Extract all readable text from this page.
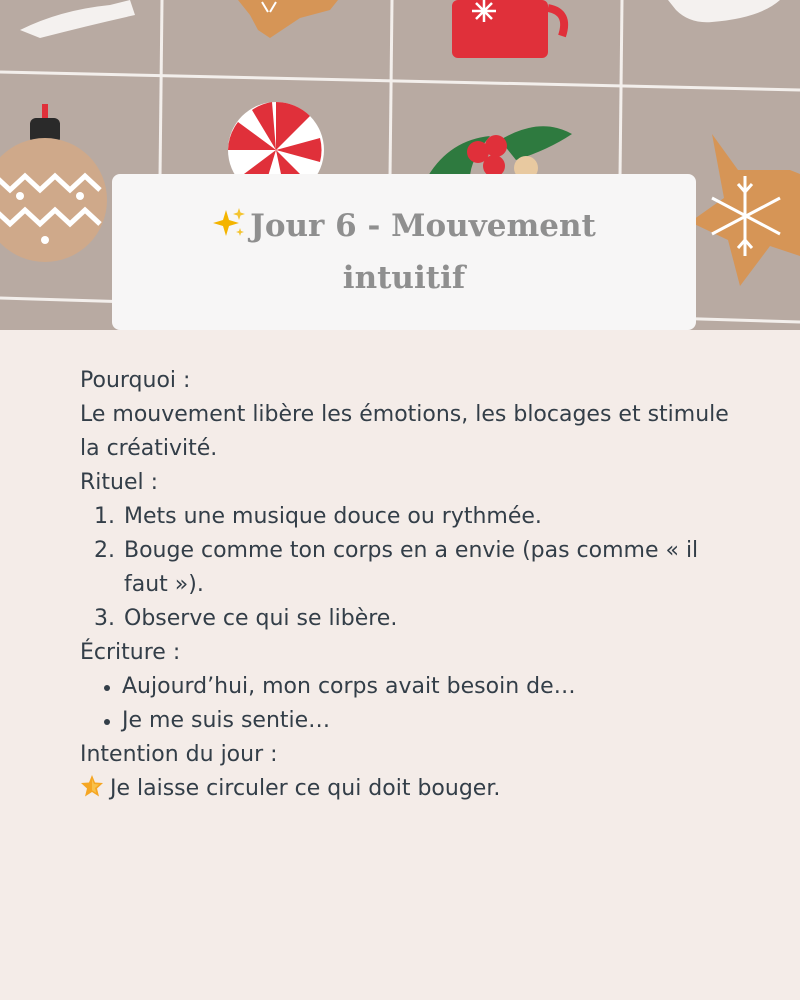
Jour 6 - Mouvement intuitif

Pourquoi :

Le mouvement libère les émotions, les blocages et stimule la créativité.

Rituel :

1. Mets une musique douce ou rythmée.
2. Bouge comme ton corps en a envie (pas comme « il faut »).
3. Observe ce qui se libère.

Écriture :

Aujourd’hui, mon corps avait besoin de…
Je me suis sentie…

Intention du jour :

Je laisse circuler ce qui doit bouger.
